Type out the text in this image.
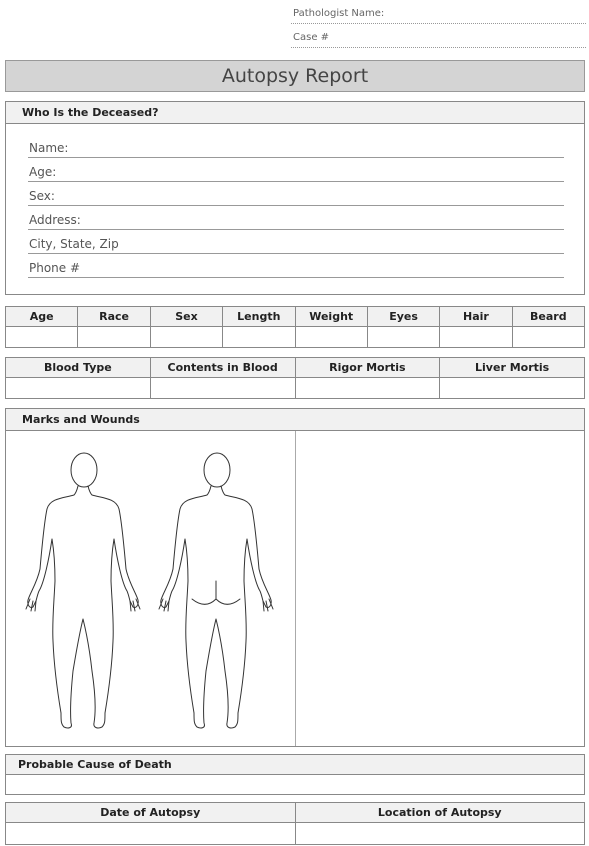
Pathologist Name:
Case #
Autopsy Report
Who Is the Deceased?
Name:
Age:
Sex:
Address:
City, State, Zip
Phone #
Age	Race	Sex	Length	Weight	Eyes	Hair	Beard

Blood Type	Contents in Blood	Rigor Mortis	Liver Mortis

Marks and Wounds
Probable Cause of Death
Date of Autopsy	Location of Autopsy
